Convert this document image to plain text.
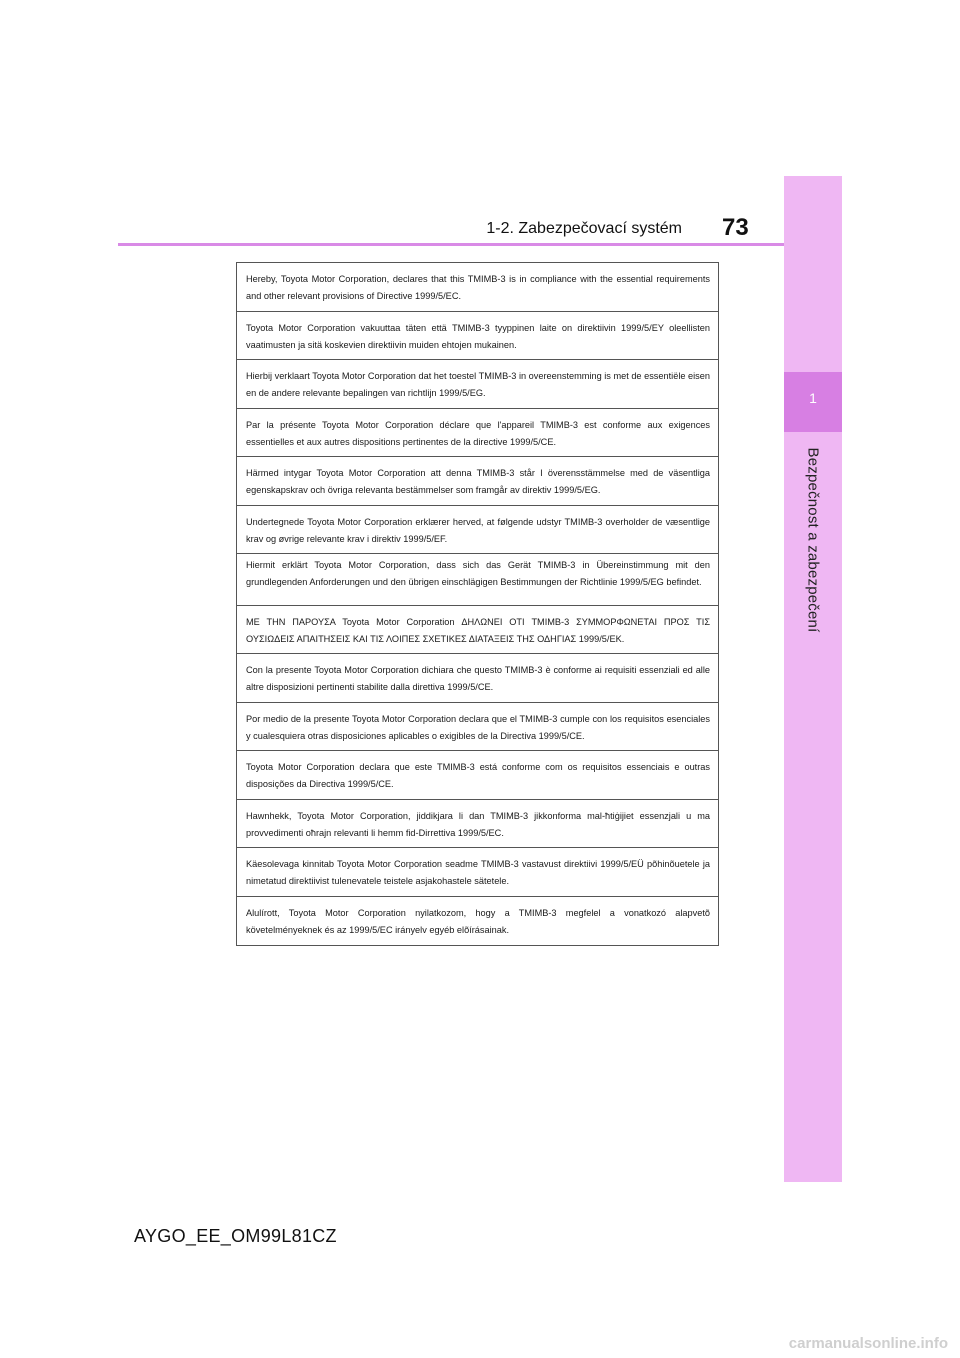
1
Bezpečnost a zabezpečení
1-2. Zabezpečovací systém 73
Hereby, Toyota Motor Corporation, declares that this TMIMB-3 is in compliance with the essential requirements and other relevant provisions of Directive 1999/5/EC.
Toyota Motor Corporation vakuuttaa täten että TMIMB-3 tyyppinen laite on direktiivin 1999/5/EY oleellisten vaatimusten ja sitä koskevien direktiivin muiden ehtojen mukainen.
Hierbij verklaart Toyota Motor Corporation dat het toestel TMIMB-3 in overeenstemming is met de essentiële eisen en de andere relevante bepalingen van richtlijn 1999/5/EG.
Par la présente Toyota Motor Corporation déclare que l'appareil TMIMB-3 est conforme aux exigences essentielles et aux autres dispositions pertinentes de la directive 1999/5/CE.
Härmed intygar Toyota Motor Corporation att denna TMIMB-3 står I överensstämmelse med de väsentliga egenskapskrav och övriga relevanta bestämmelser som framgår av direktiv 1999/5/EG.
Undertegnede Toyota Motor Corporation erklærer herved, at følgende udstyr TMIMB-3 overholder de væsentlige krav og øvrige relevante krav i direktiv 1999/5/EF.
Hiermit erklärt Toyota Motor Corporation, dass sich das Gerät TMIMB-3 in Übereinstimmung mit den grundlegenden Anforderungen und den übrigen einschlägigen Bestimmungen der Richtlinie 1999/5/EG befindet.
ΜΕ ΤΗΝ ΠΑΡΟΥΣΑ Toyota Motor Corporation ΔΗΛΩΝΕΙ ΟΤΙ TMIMB-3 ΣΥΜΜΟΡΦΩΝΕΤΑΙ ΠΡΟΣ ΤΙΣ ΟΥΣΙΩΔΕΙΣ ΑΠΑΙΤΗΣΕΙΣ ΚΑΙ ΤΙΣ ΛΟΙΠΕΣ ΣΧΕΤΙΚΕΣ ΔΙΑΤΑΞΕΙΣ ΤΗΣ ΟΔΗΓΙΑΣ 1999/5/ΕΚ.
Con la presente Toyota Motor Corporation dichiara che questo TMIMB-3 è conforme ai requisiti essenziali ed alle altre disposizioni pertinenti stabilite dalla direttiva 1999/5/CE.
Por medio de la presente Toyota Motor Corporation declara que el TMIMB-3 cumple con los requisitos esenciales y cualesquiera otras disposiciones aplicables o exigibles de la Directiva 1999/5/CE.
Toyota Motor Corporation declara que este TMIMB-3 está conforme com os requisitos essenciais e outras disposições da Directiva 1999/5/CE.
Hawnhekk, Toyota Motor Corporation, jiddikjara li dan TMIMB-3 jikkonforma mal-ħtiġijiet essenzjali u ma provvedimenti oħrajn relevanti li hemm fid-Dirrettiva 1999/5/EC.
Käesolevaga kinnitab Toyota Motor Corporation seadme TMIMB-3 vastavust direktiivi 1999/5/EÜ põhinõuetele ja nimetatud direktiivist tulenevatele teistele asjakohastele sätetele.
Alulírott, Toyota Motor Corporation nyilatkozom, hogy a TMIMB-3 megfelel a vonatkozó alapvetõ követelményeknek és az 1999/5/EC irányelv egyéb elõírásainak.
AYGO_EE_OM99L81CZ
carmanualsonline.info
